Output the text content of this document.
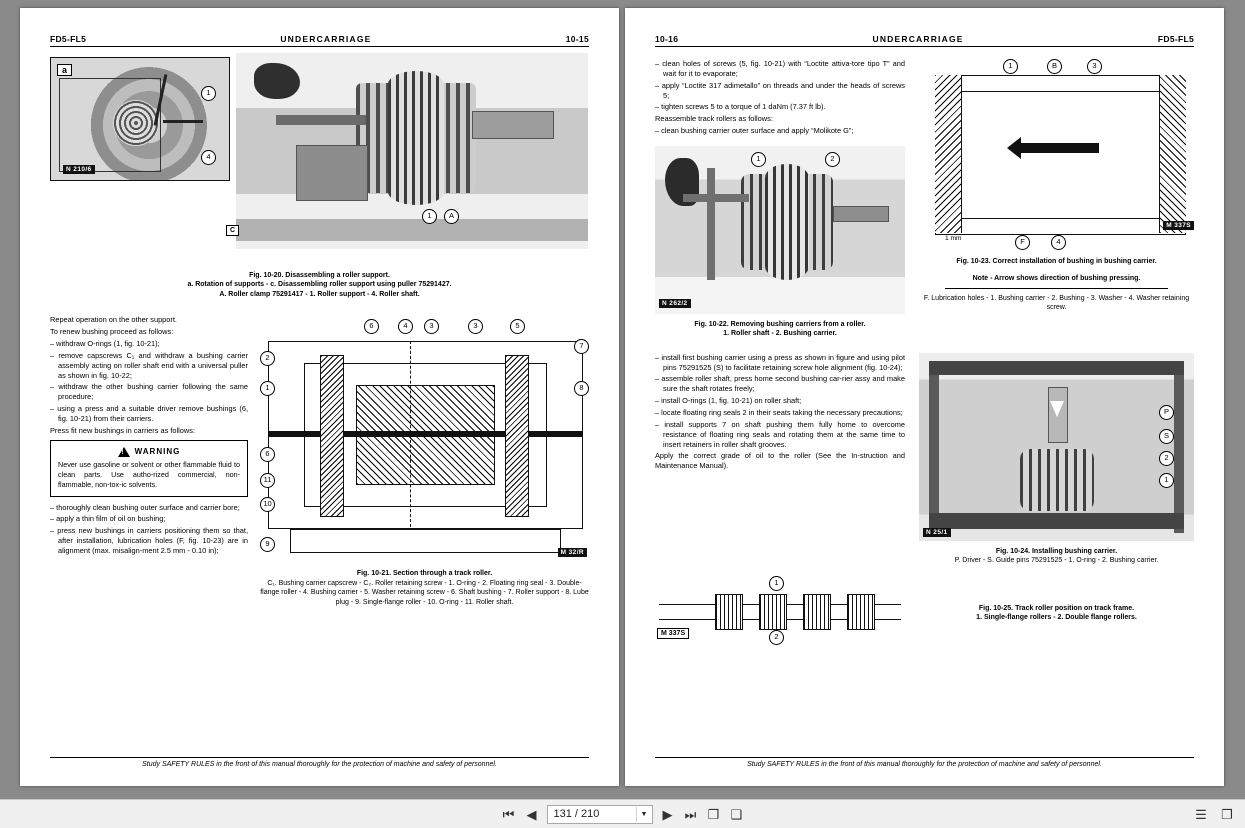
FD5-FL5	UNDERCARRIAGE	10-15
a
1
4
N 210/6
1	A
C
Fig. 10-20. Disassembling a roller support.
a. Rotation of supports - c. Disassembling roller support using puller 75291427.
A. Roller clamp 75291417 - 1. Roller support - 4. Roller shaft.

Repeat operation on the other support.

To renew bushing proceed as follows:

– withdraw O-rings (1, fig. 10-21);

– remove capscrews C₁ and withdraw a bushing carrier assembly acting on roller shaft end with a universal puller as shown in fig. 10-22;

– withdraw the other bushing carrier following the same procedure;

– using a press and a suitable driver remove bushings (6, fig. 10-21) from their carriers.

Press fit new bushings in carriers as follows:

!
WARNING
Never use gasoline or solvent or other flammable fluid to clean parts. Use autho-rized commercial, non-flammable, non-tox-ic solvents.

– thoroughly clean bushing outer surface and carrier bore;

– apply a thin film of oil on bushing;

– press new bushings in carriers positioning them so that, after installation, lubrication holes (F, fig. 10-23) are in alignment (max. misalign-ment 2.5 mm - 0.10 in);

6	4	3	3	5
2
7
1	8
6
11
10
9
M 32/R
Fig. 10-21. Section through a track roller.
C₁. Bushing carrier capscrew - C₂. Roller retaining screw - 1. O-ring - 2. Floating ring seal - 3. Double-flange roller - 4. Bushing carrier - 5. Washer retaining screw - 6. Shaft bushing - 7. Roller support - 8. Lube plug - 9. Single-flange roller - 10. O-ring - 11. Roller shaft.
Study SAFETY RULES in the front of this manual thoroughly for the protection of machine and safety of personnel.
10-16	UNDERCARRIAGE	FD5-FL5

– clean holes of screws (5, fig. 10-21) with “Loctite attiva-tore tipo T” and wait for it to evaporate;

– apply “Loctite 317 adimetallo” on threads and under the heads of screws 5;

– tighten screws 5 to a torque of 1 daNm (7.37 ft lb).

Reassemble track rollers as follows:

– clean bushing carrier outer surface and apply “Molikote G”;

1	2
N 262/2
Fig. 10-22. Removing bushing carriers from a roller.
1. Roller shaft - 2. Bushing carrier.
1	B	3
F	4
1 mm
M 337S
Fig. 10-23. Correct installation of bushing in bushing carrier.
Note - Arrow shows direction of bushing pressing.
F. Lubrication holes - 1. Bushing carrier - 2. Bushing - 3. Washer - 4. Washer retaining screw.

– install first bushing carrier using a press as shown in figure and using pilot pins 75291525 (S) to facilitate retaining screw hole alignment (fig. 10-24);

– assemble roller shaft, press home second bushing car-rier assy and make sure the shaft rotates freely;

– install O-rings (1, fig. 10-21) on roller shaft;

– locate floating ring seals 2 in their seats taking the necessary precautions;

– install supports 7 on shaft pushing them fully home to overcome resistance of floating ring seals and rotating them at the same time to insert retainers in roller shaft grooves.

Apply the correct grade of oil to the roller (See the In-struction and Maintenance Manual).

P
S
2
1
N 25/1
Fig. 10-24. Installing bushing carrier.
P. Driver - S. Guide pins 75291525 - 1. O-ring - 2. Bushing carrier.
1
2
M 337S
Fig. 10-25. Track roller position on track frame.
1. Single-flange rollers - 2. Double flange rollers.
Study SAFETY RULES in the front of this manual thoroughly for the protection of machine and safety of personnel.
⏮ ◀ 131 / 210	▼	▶ ⏭ ❐ ❑	☰ ❐
